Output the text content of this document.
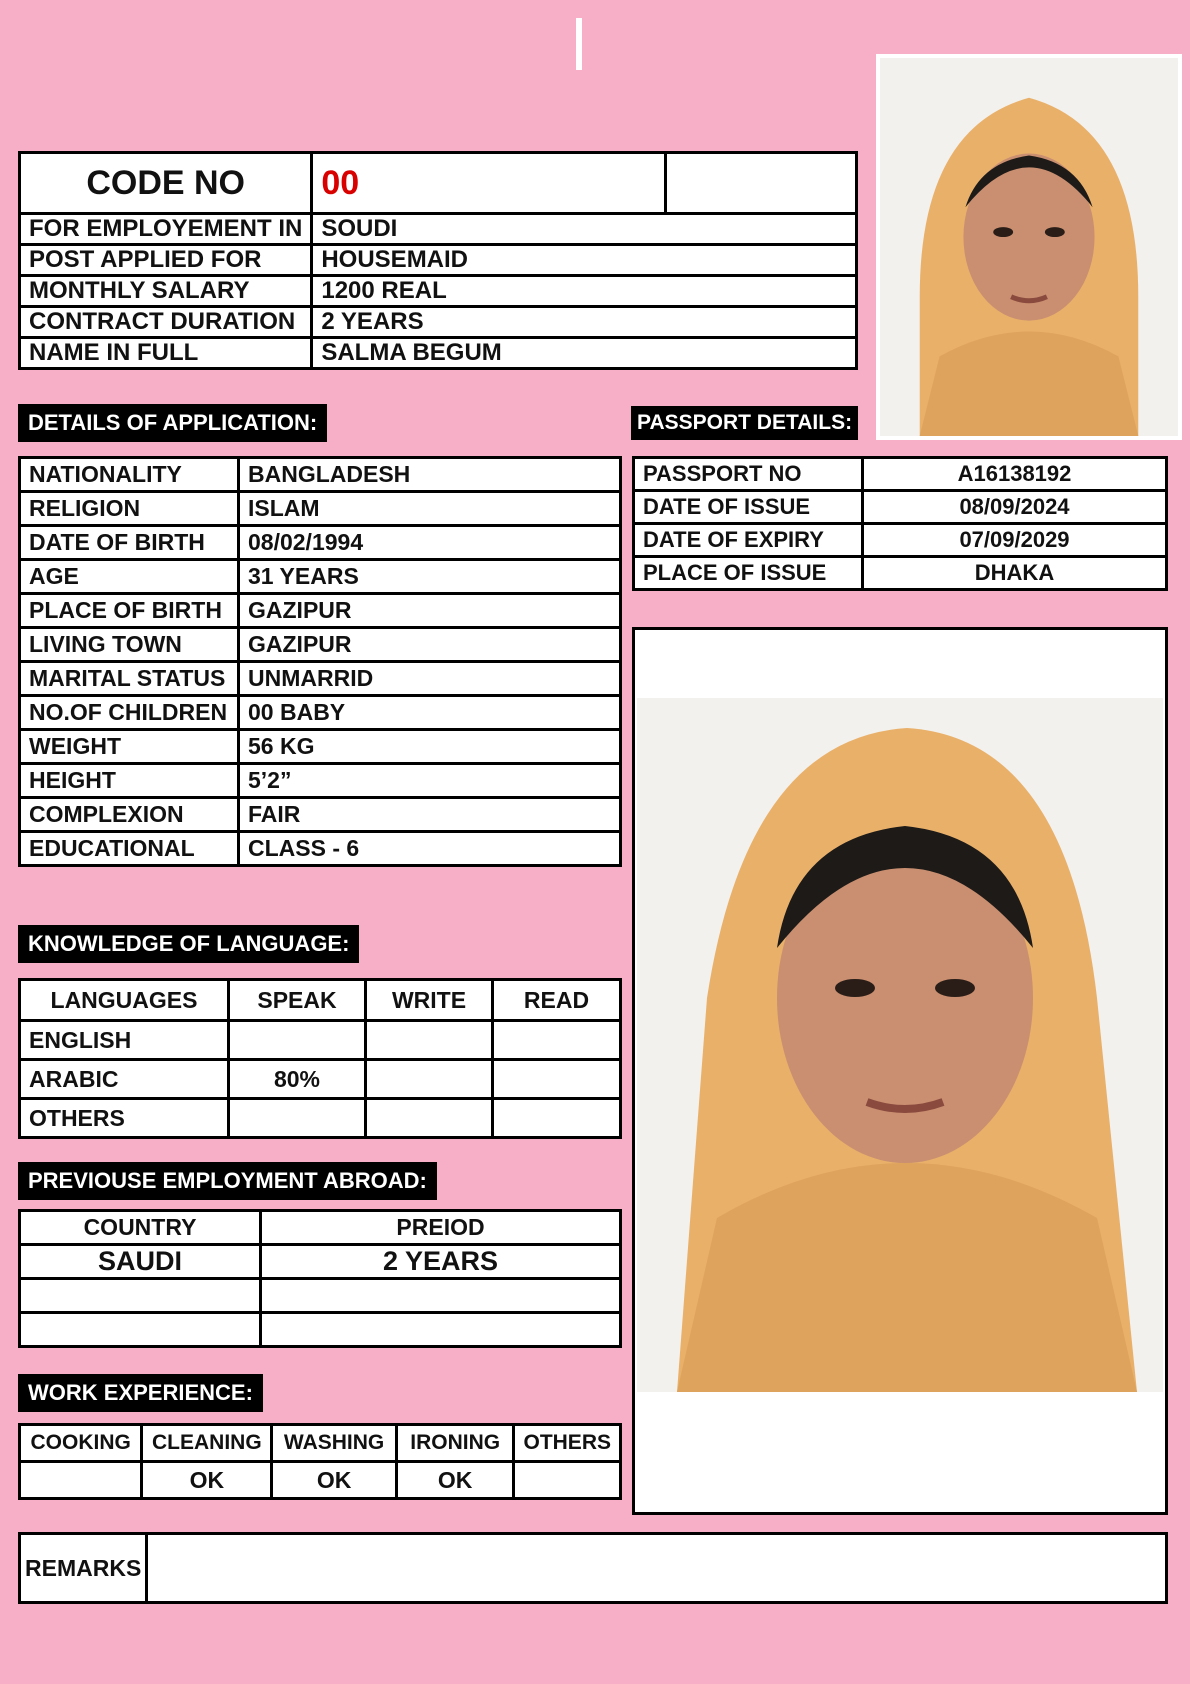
CODE NO	00	
FOR EMPLOYEMENT IN	SOUDI	
POST APPLIED FOR	HOUSEMAID	
MONTHLY SALARY	1200 REAL	
CONTRACT DURATION	2 YEARS	
NAME IN FULL	SALMA BEGUM	
DETAILS OF APPLICATION:	PASSPORT DETAILS:
NATIONALITY	BANGLADESH
RELIGION	ISLAM
DATE OF BIRTH	08/02/1994
AGE	31 YEARS
PLACE OF BIRTH	GAZIPUR
LIVING TOWN	GAZIPUR
MARITAL STATUS	UNMARRID
NO.OF CHILDREN	00 BABY
WEIGHT	56 KG
HEIGHT	5’2”
COMPLEXION	FAIR
EDUCATIONAL	CLASS - 6
PASSPORT NO	A16138192
DATE OF ISSUE	08/09/2024
DATE OF EXPIRY	07/09/2029
PLACE OF ISSUE	DHAKA
KNOWLEDGE OF LANGUAGE:
LANGUAGES	SPEAK	WRITE	READ
ENGLISH			
ARABIC	80%		
OTHERS			
PREVIOUSE EMPLOYMENT ABROAD:
COUNTRY	PREIOD
SAUDI	2 YEARS

WORK EXPERIENCE:
COOKING	CLEANING	WASHING	IRONING	OTHERS
	OK	OK	OK	
REMARKS	
